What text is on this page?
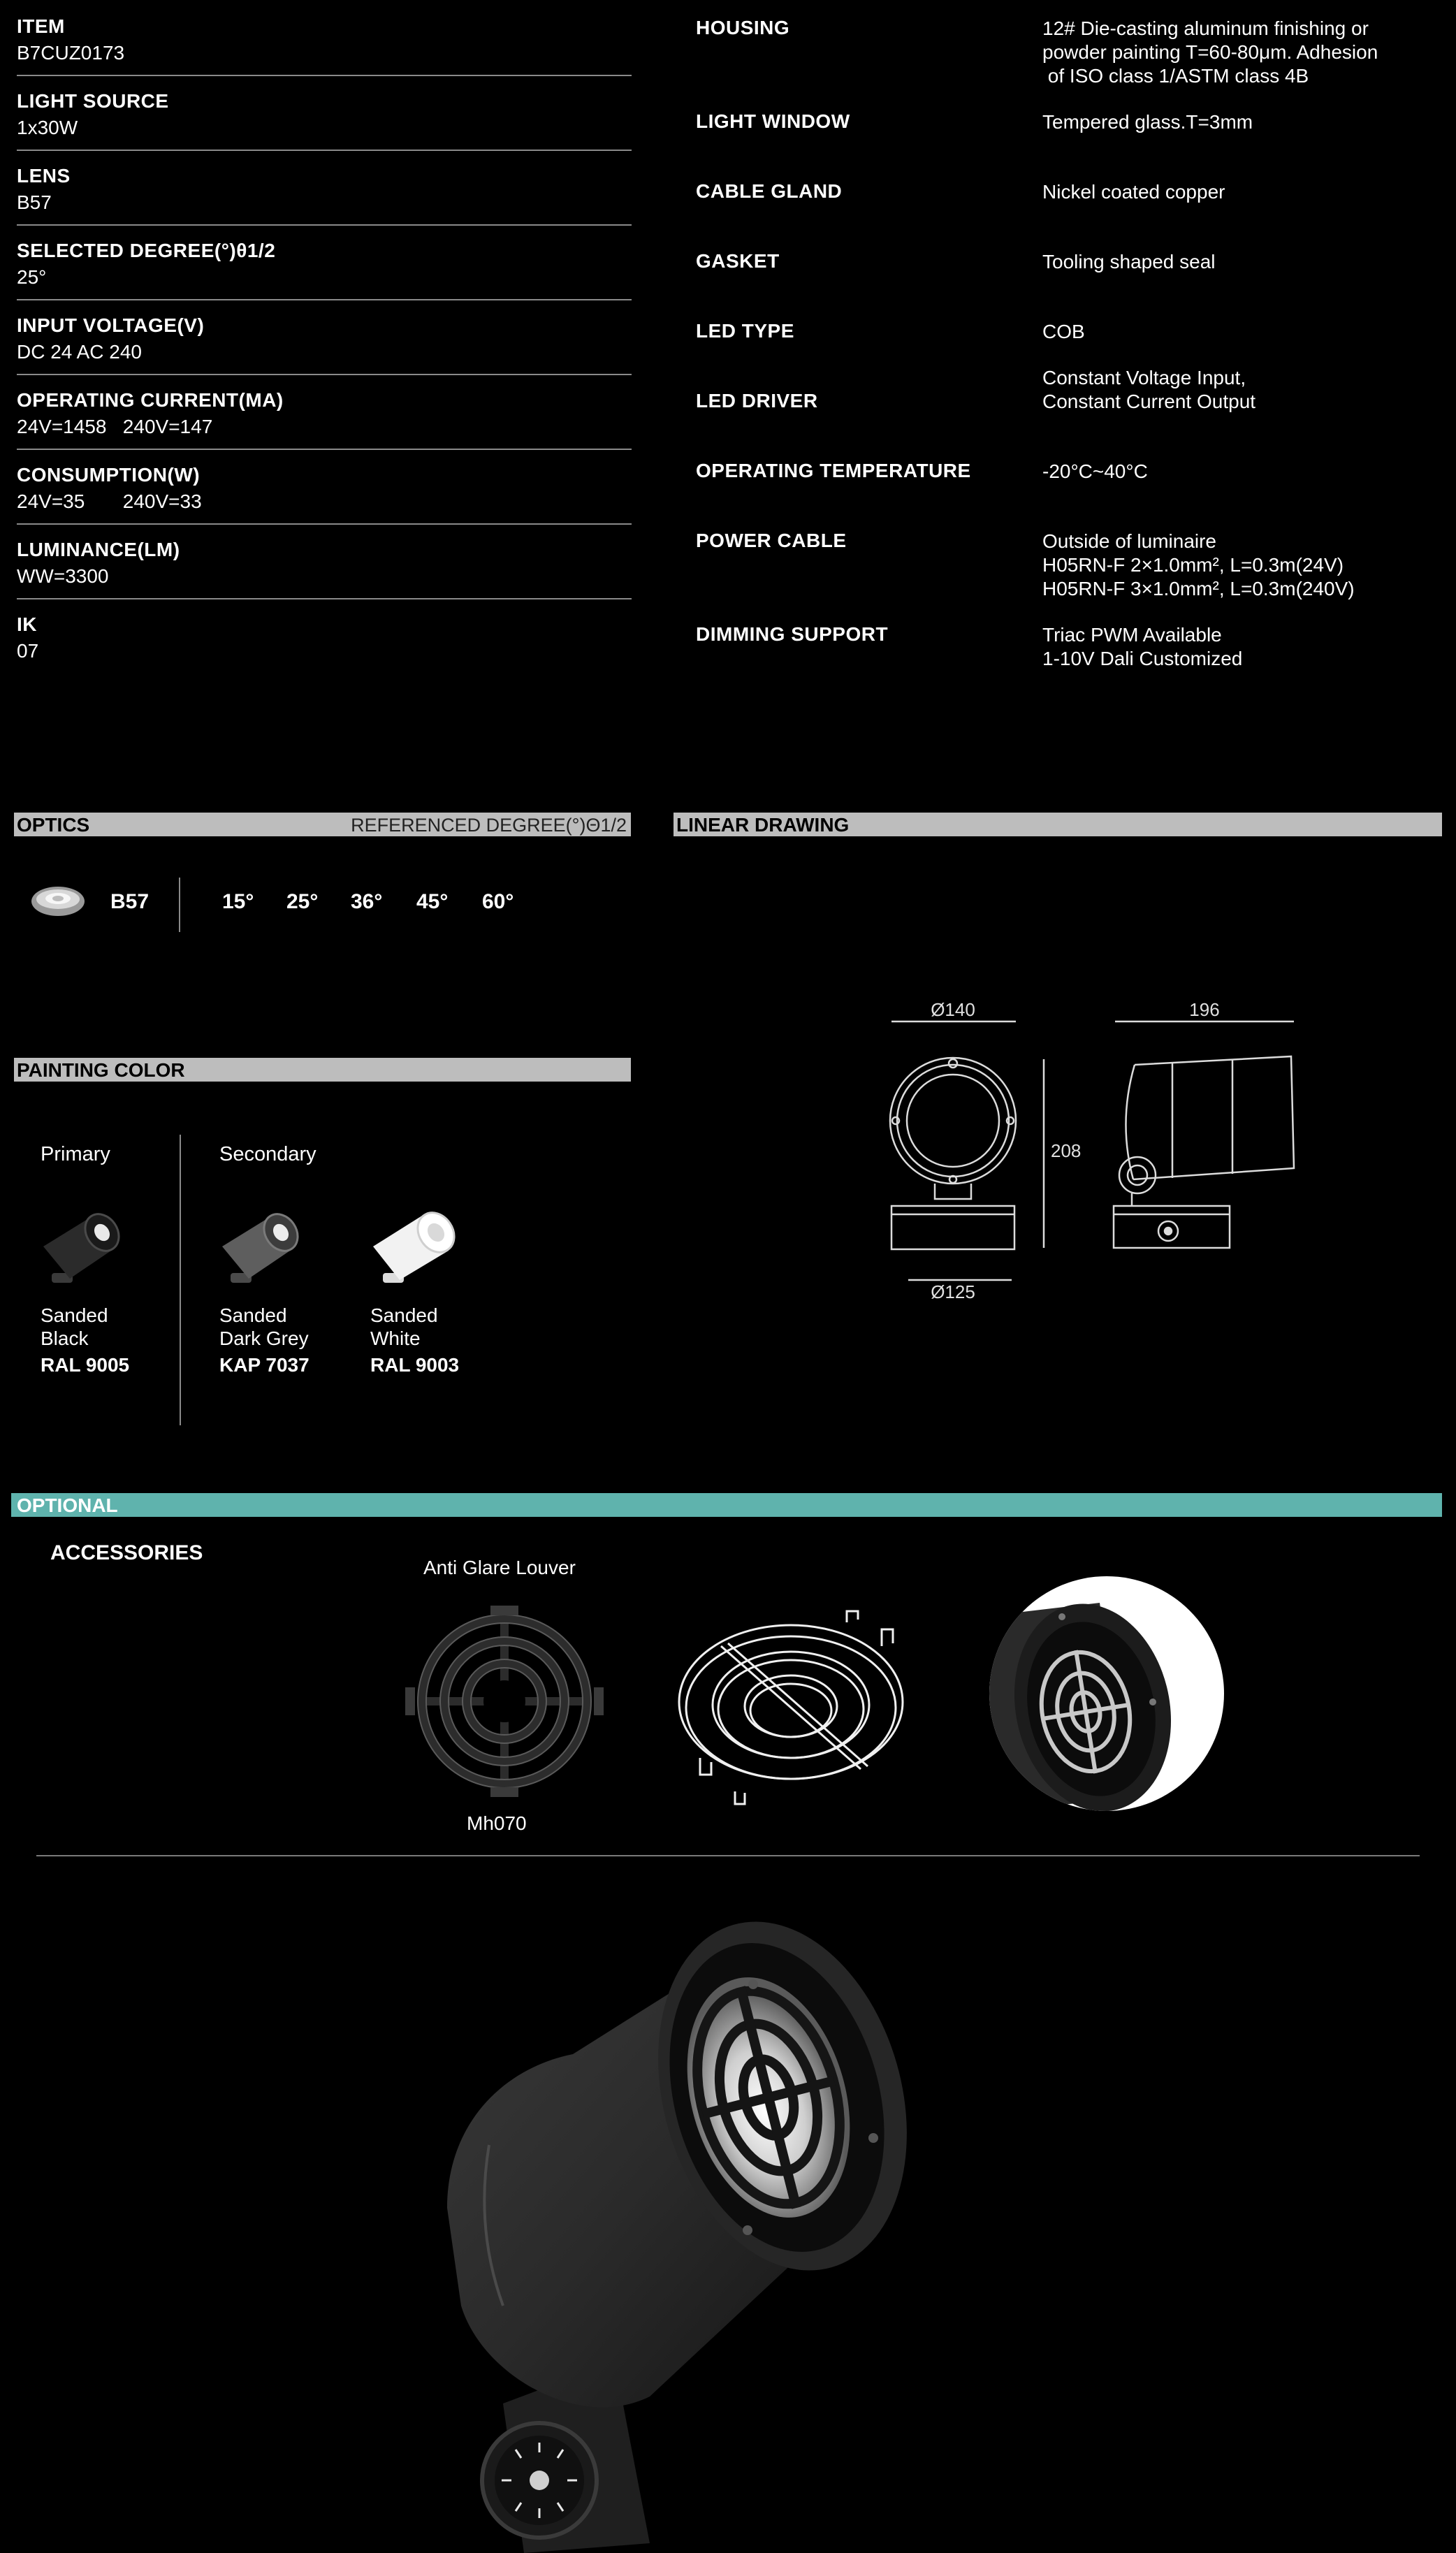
ITEM
B7CUZ0173
LIGHT SOURCE
1x30W
LENS
B57
SELECTED DEGREE(°)θ1/2
25°
INPUT VOLTAGE(V)
DC 24 AC 240
OPERATING CURRENT(MA)
24V=1458   240V=147
CONSUMPTION(W)
24V=35       240V=33
LUMINANCE(LM)
WW=3300
IK
07
HOUSING	12# Die-casting aluminum finishing or
powder painting T=60-80μm. Adhesion
of ISO class 1/ASTM class 4B
LIGHT WINDOW	Tempered glass.T=3mm
CABLE GLAND	Nickel coated copper
GASKET	Tooling shaped seal
LED TYPE	COB
LED DRIVER
Constant Voltage Input,
Constant Current Output
OPERATING TEMPERATURE	-20°C~40°C
POWER CABLE	Outside of luminaire
H05RN-F 2×1.0mm², L=0.3m(24V)
H05RN-F 3×1.0mm², L=0.3m(240V)
DIMMING SUPPORT	Triac PWM Available
1-10V Dali Customized
OPTICS	REFERENCED DEGREE(°)Θ1/2	LINEAR DRAWING
B57	15° 25° 36° 45° 60°
PAINTING COLOR
Primary	Secondary
Sanded
Black
RAL 9005
Sanded
Dark Grey
KAP 7037
Sanded
White
RAL 9003
Ø140	196
208
Ø125
OPTIONAL
ACCESSORIES
Anti Glare Louver
Mh070
